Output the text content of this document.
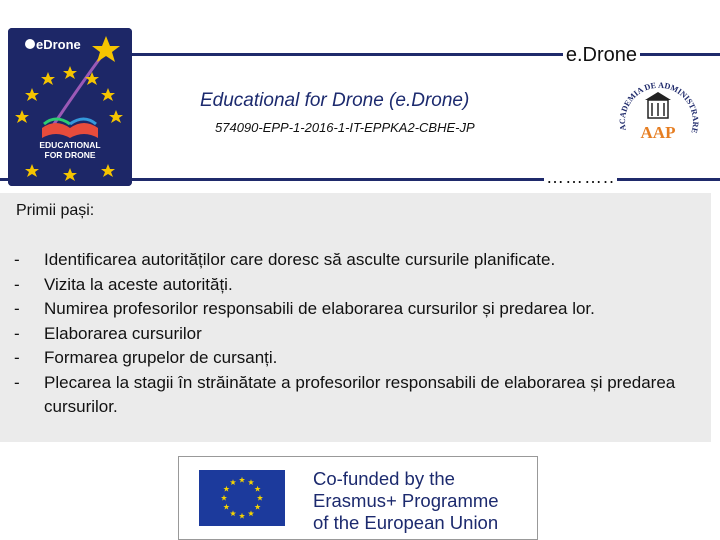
e.Drone
………..
eDrone
EDUCATIONAL
FOR DRONE
Educational for Drone (e.Drone)
574090-EPP-1-2016-1-IT-EPPKA2-CBHE-JP	ACADEMIA DE ADMINISTRARE
AAP
Primii pași:
- Identificarea autorităților care doresc să asculte cursurile planificate.
- Vizita la aceste autorități.
- Numirea profesorilor responsabili de elaborarea cursurilor și predarea lor.
- Elaborarea cursurilor
- Formarea grupelor de cursanți.
- Plecarea la stagii în străinătate a profesorilor responsabili de elaborarea și predarea cursurilor.
Co-funded by the
Erasmus+ Programme
of the European Union
